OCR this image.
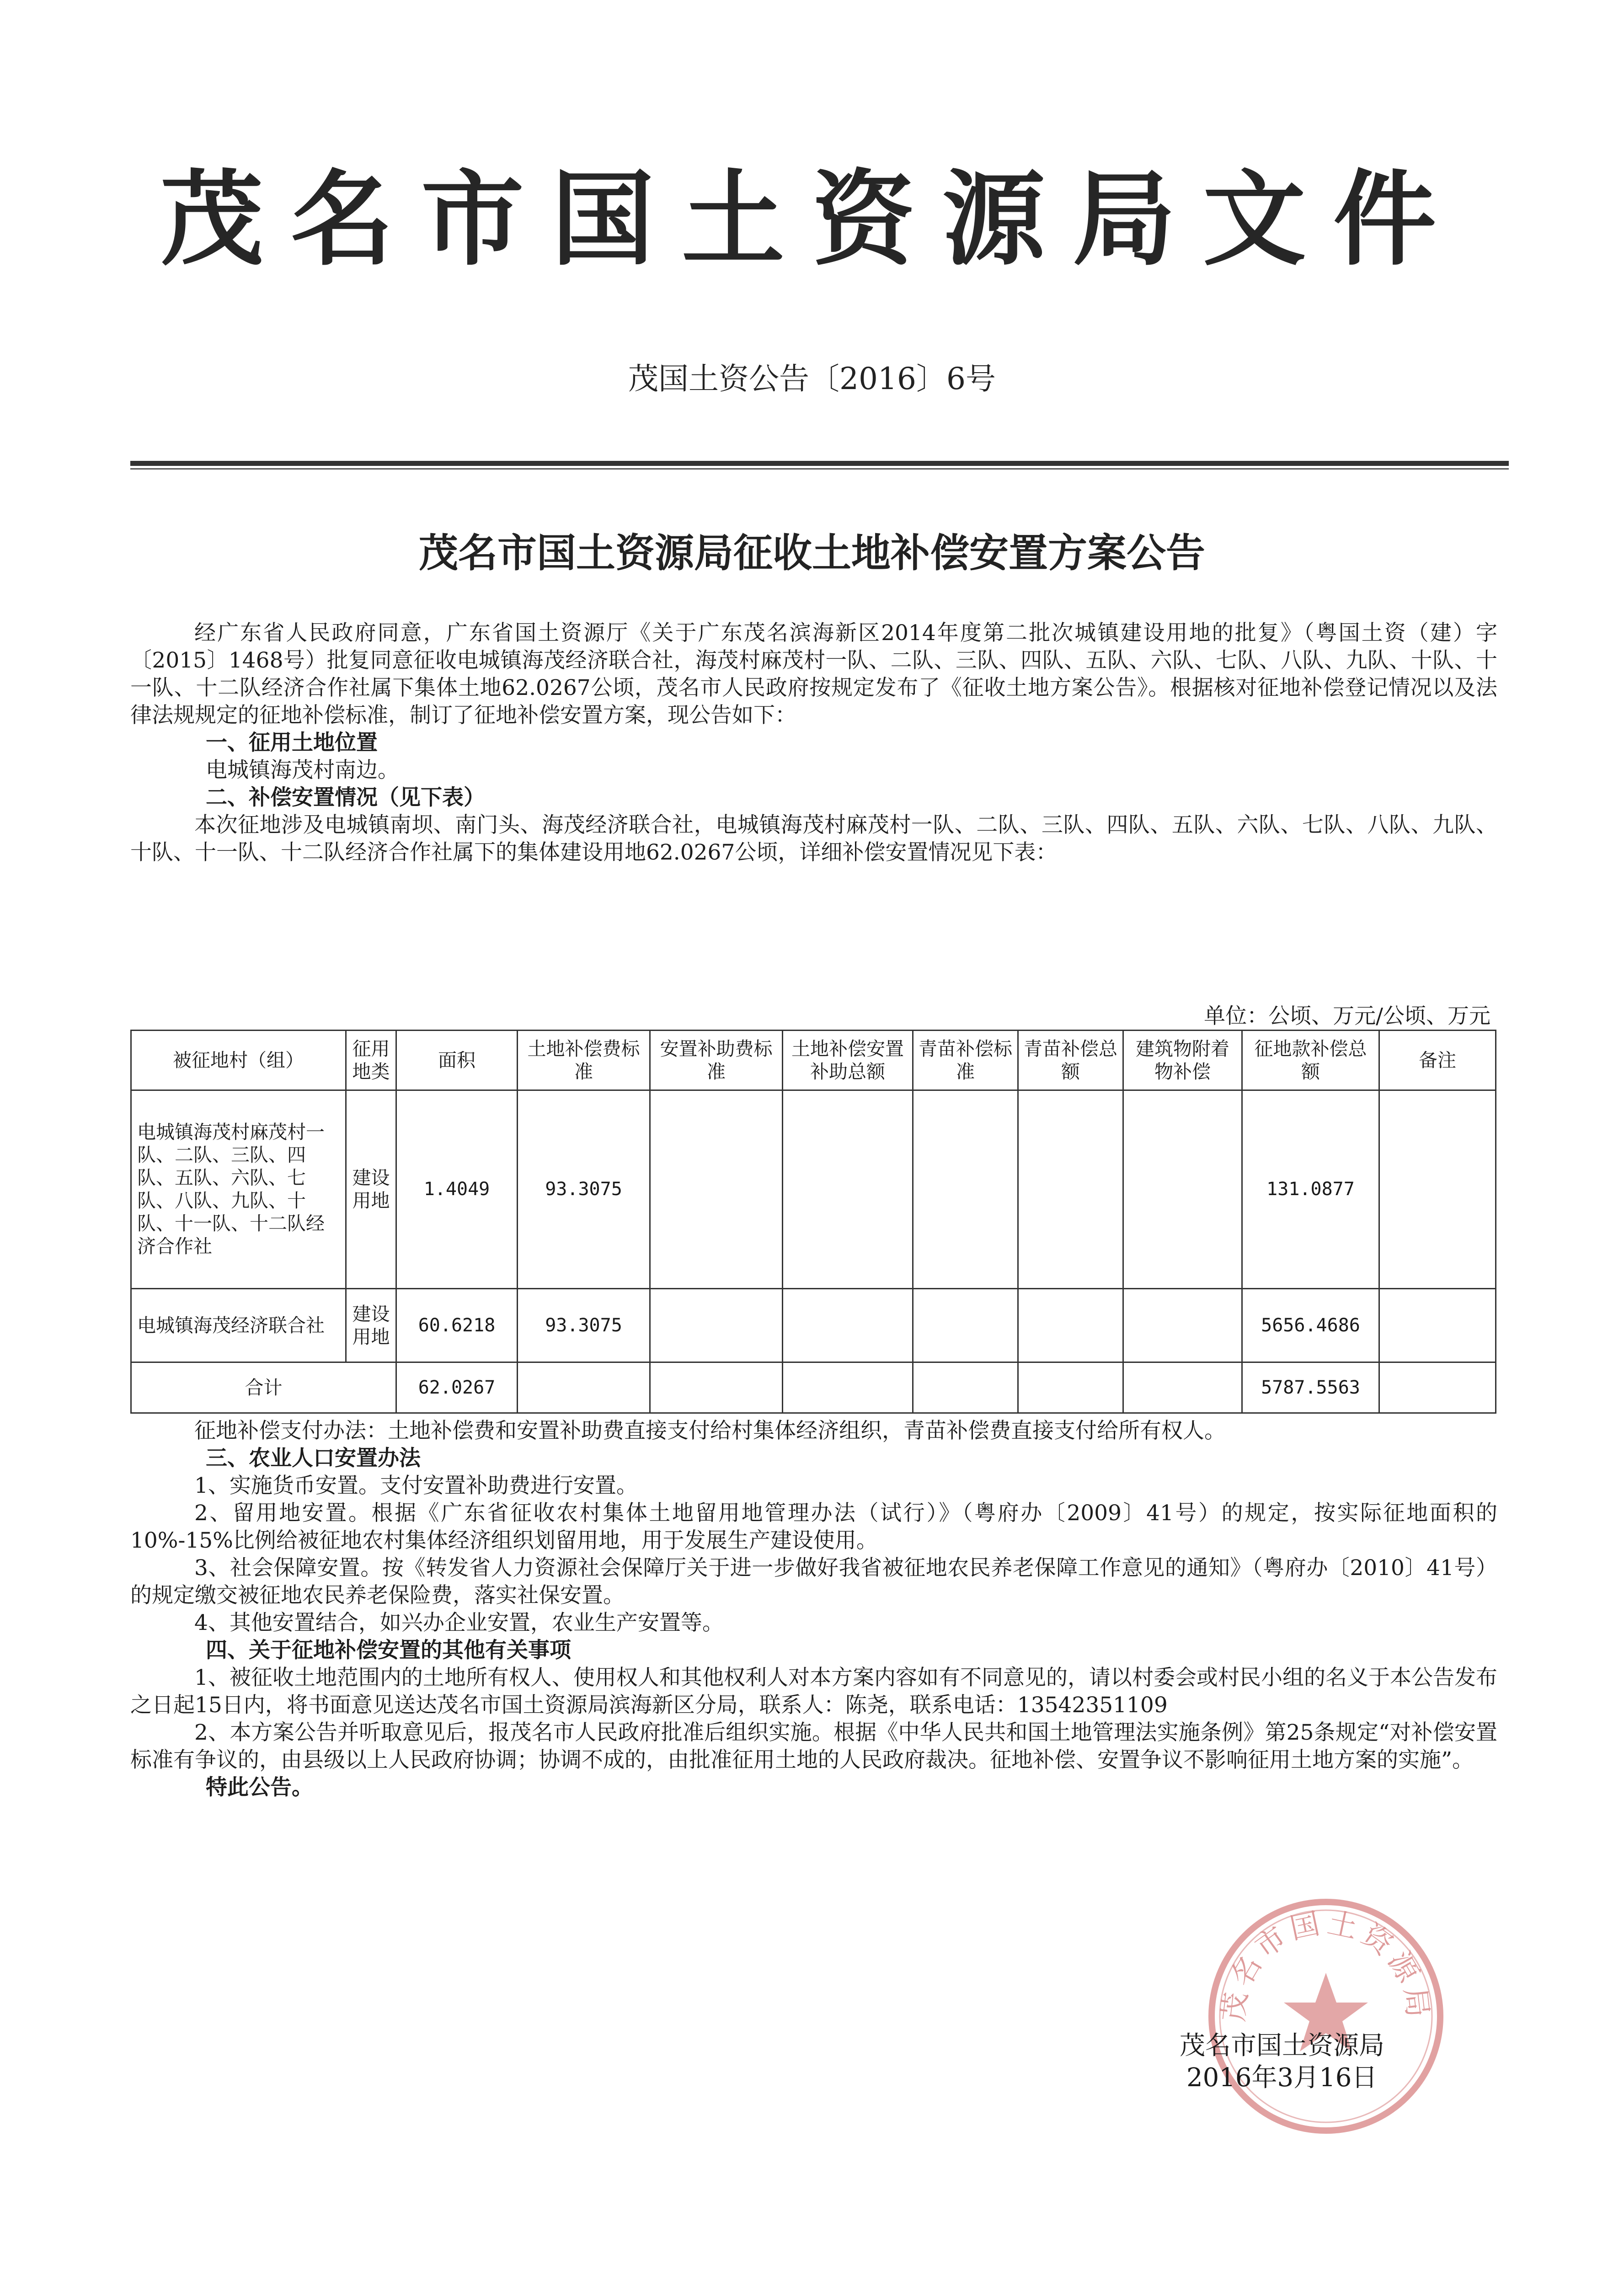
茂名市国土资源局文件
茂国土资公告〔2016〕6号
茂名市国土资源局征收土地补偿安置方案公告
经广东省人民政府同意，广东省国土资源厅《关于广东茂名滨海新区2014年度第二批次城镇建设用地的批复》（粤国土资（建）字〔2015〕1468号）批复同意征收电城镇海茂经济联合社，海茂村麻茂村一队、二队、三队、四队、五队、六队、七队、八队、九队、十队、十一队、十二队经济合作社属下集体土地62.0267公顷，茂名市人民政府按规定发布了《征收土地方案公告》。根据核对征地补偿登记情况以及法律法规规定的征地补偿标准，制订了征地补偿安置方案，现公告如下：
一、征用土地位置
电城镇海茂村南边。
二、补偿安置情况（见下表）
本次征地涉及电城镇南坝、南门头、海茂经济联合社，电城镇海茂村麻茂村一队、二队、三队、四队、五队、六队、七队、八队、九队、十队、十一队、十二队经济合作社属下的集体建设用地62.0267公顷，详细补偿安置情况见下表：
单位：公顷、万元/公顷、万元
被征地村（组）	征用地类	面积	土地补偿费标准	安置补助费标准	土地补偿安置补助总额	青苗补偿标准	青苗补偿总额	建筑物附着物补偿	征地款补偿总额	备注
电城镇海茂村麻茂村一队、二队、三队、四队、五队、六队、七队、八队、九队、十队、十一队、十二队经济合作社	建设用地	1.4049	93.3075						131.0877	
电城镇海茂经济联合社	建设用地	60.6218	93.3075						5656.4686	
合计		62.0267							5787.5563	
征地补偿支付办法：土地补偿费和安置补助费直接支付给村集体经济组织，青苗补偿费直接支付给所有权人。
三、农业人口安置办法
1、实施货币安置。支付安置补助费进行安置。
2、留用地安置。根据《广东省征收农村集体土地留用地管理办法（试行）》（粤府办〔2009〕41号）的规定，按实际征地面积的10%-15%比例给被征地农村集体经济组织划留用地，用于发展生产建设使用。
3、社会保障安置。按《转发省人力资源社会保障厅关于进一步做好我省被征地农民养老保障工作意见的通知》（粤府办〔2010〕41号）的规定缴交被征地农民养老保险费，落实社保安置。
4、其他安置结合，如兴办企业安置，农业生产安置等。
四、关于征地补偿安置的其他有关事项
1、被征收土地范围内的土地所有权人、使用权人和其他权利人对本方案内容如有不同意见的，请以村委会或村民小组的名义于本公告发布之日起15日内，将书面意见送达茂名市国土资源局滨海新区分局，联系人：陈尧，联系电话：13542351109
2、本方案公告并听取意见后，报茂名市人民政府批准后组织实施。根据《中华人民共和国土地管理法实施条例》第25条规定“对补偿安置标准有争议的，由县级以上人民政府协调；协调不成的，由批准征用土地的人民政府裁决。征地补偿、安置争议不影响征用土地方案的实施”。
特此公告。
茂名市国土资源局
茂名市国土资源局
2016年3月16日
